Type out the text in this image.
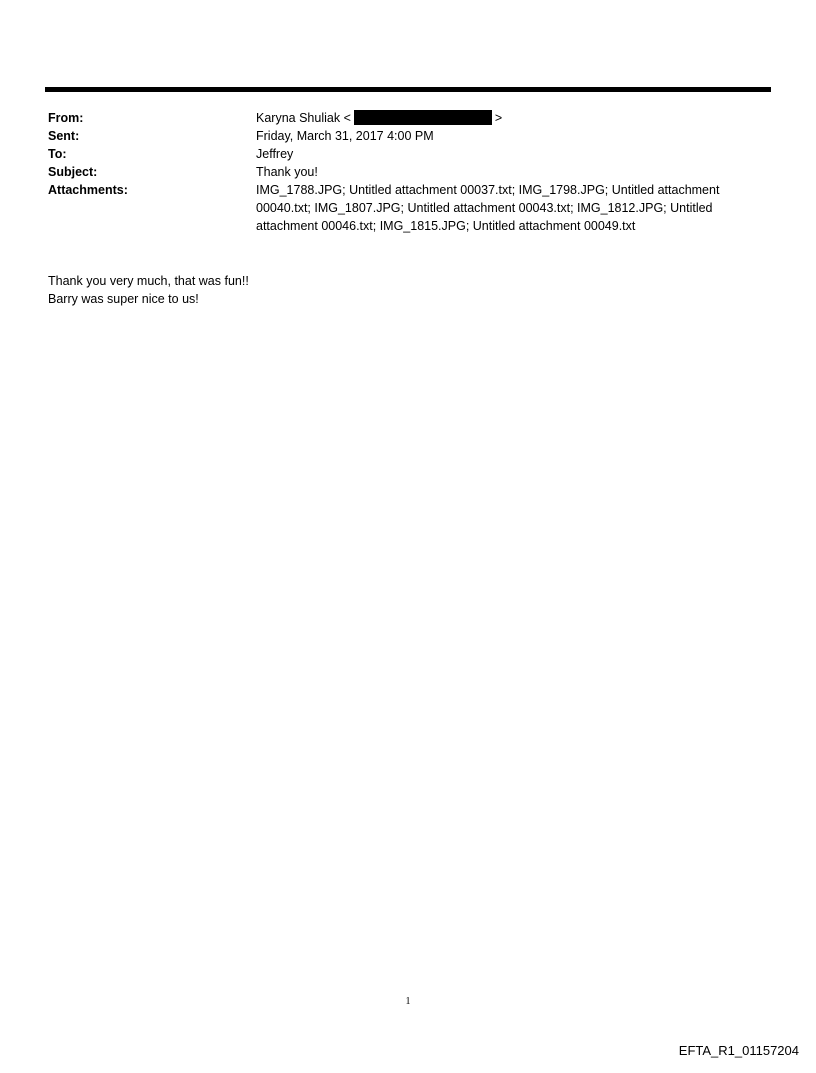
From:	Karyna Shuliak <	>
Sent:	Friday, March 31, 2017 4:00 PM
To:	Jeffrey
Subject:	Thank you!
Attachments:	IMG_1788.JPG; Untitled attachment 00037.txt; IMG_1798.JPG; Untitled attachment
00040.txt; IMG_1807.JPG; Untitled attachment 00043.txt; IMG_1812.JPG; Untitled
attachment 00046.txt; IMG_1815.JPG; Untitled attachment 00049.txt
Thank you very much, that was fun!!
Barry was super nice to us!
1
EFTA_R1_01157204
